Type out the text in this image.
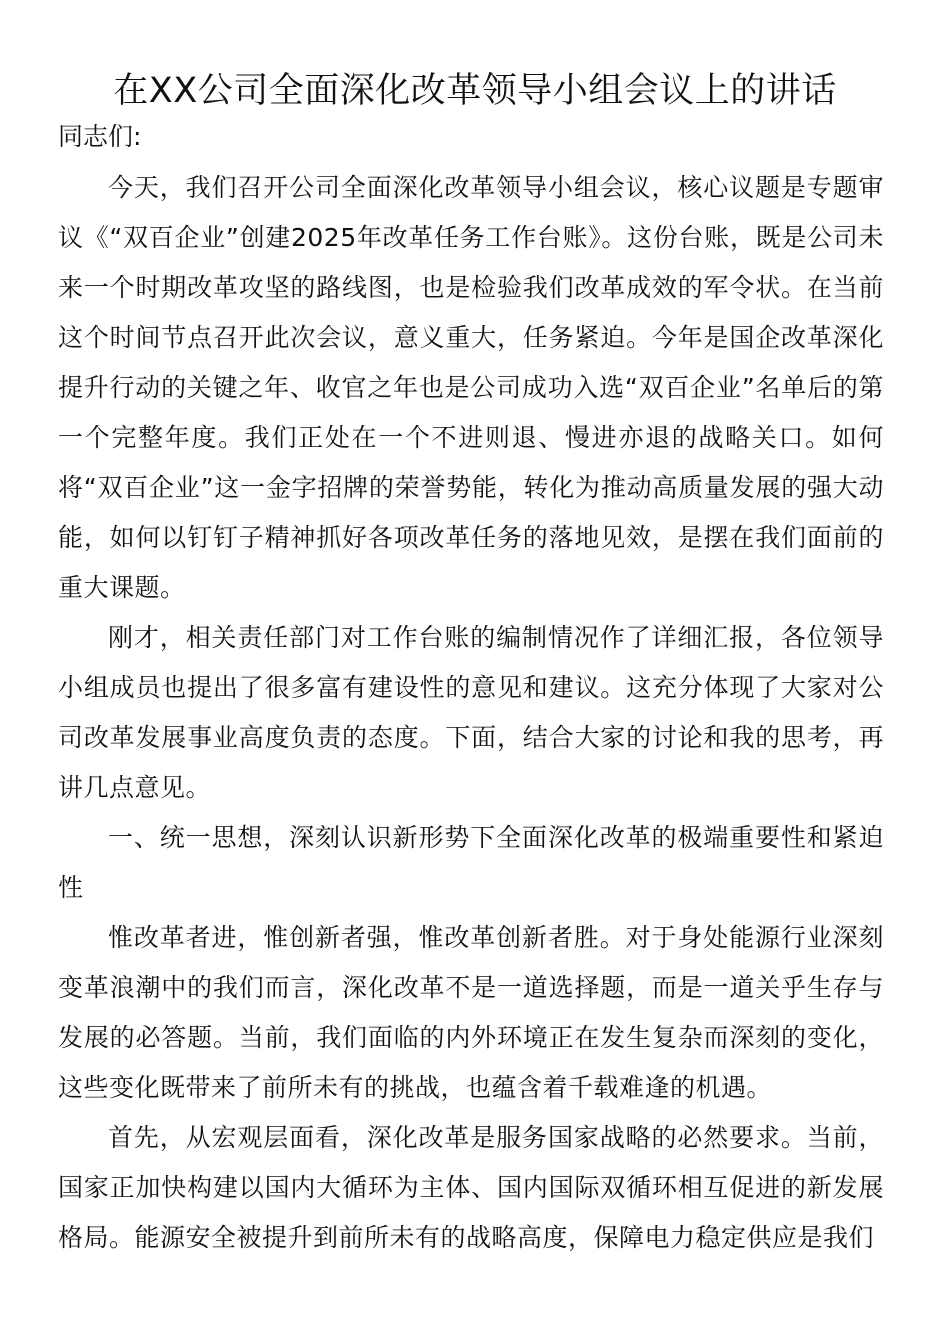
在XX公司全面深化改革领导小组会议上的讲话

同志们:

今天，我们召开公司全面深化改革领导小组会议，核心议题是专题审议《“双百企业”创建2025年改革任务工作台账》。这份台账，既是公司未来一个时期改革攻坚的路线图，也是检验我们改革成效的军令状。在当前这个时间节点召开此次会议，意义重大，任务紧迫。今年是国企改革深化提升行动的关键之年、收官之年也是公司成功入选“双百企业”名单后的第一个完整年度。我们正处在一个不进则退、慢进亦退的战略关口。如何将“双百企业”这一金字招牌的荣誉势能，转化为推动高质量发展的强大动能，如何以钉钉子精神抓好各项改革任务的落地见效，是摆在我们面前的重大课题。

刚才，相关责任部门对工作台账的编制情况作了详细汇报，各位领导小组成员也提出了很多富有建设性的意见和建议。这充分体现了大家对公司改革发展事业高度负责的态度。下面，结合大家的讨论和我的思考，再讲几点意见。

一、统一思想，深刻认识新形势下全面深化改革的极端重要性和紧迫性

惟改革者进，惟创新者强，惟改革创新者胜。对于身处能源行业深刻变革浪潮中的我们而言，深化改革不是一道选择题，而是一道关乎生存与发展的必答题。当前，我们面临的内外环境正在发生复杂而深刻的变化，这些变化既带来了前所未有的挑战，也蕴含着千载难逢的机遇。

首先，从宏观层面看，深化改革是服务国家战略的必然要求。当前，国家正加快构建以国内大循环为主体、国内国际双循环相互促进的新发展格局。能源安全被提升到前所未有的战略高度，保障电力稳定供应是我们
